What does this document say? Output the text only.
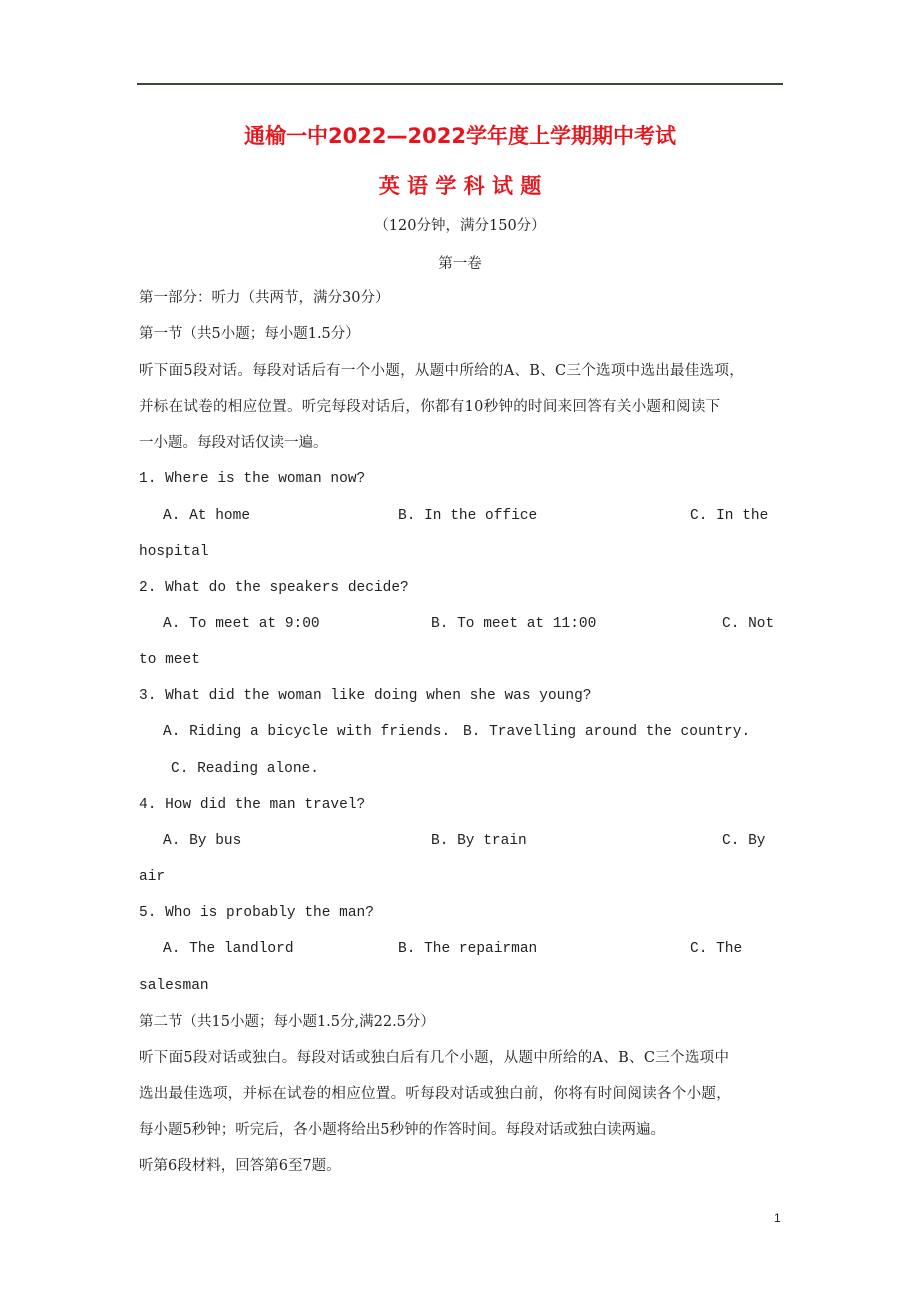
通榆一中2022—2022学年度上学期期中考试
英 语 学 科 试 题
（120分钟，满分150分）
第一卷
第一部分：听力（共两节，满分30分）
第一节（共5小题；每小题1.5分）
听下面5段对话。每段对话后有一个小题，从题中所给的A、B、C三个选项中选出最佳选项，
并标在试卷的相应位置。听完每段对话后，你都有10秒钟的时间来回答有关小题和阅读下
一小题。每段对话仅读一遍。
1. Where is the woman now?
A. At home	B. In the office	C. In the
hospital
2. What do the speakers decide?
A. To meet at 9:00	B. To meet at 11:00	C. Not
to meet
3. What did the woman like doing when she was young?
A. Riding a bicycle with friends. B. Travelling around the country.
C. Reading alone.
4. How did the man travel?
A. By bus	B. By train	C. By
air
5. Who is probably the man?
A. The landlord	B. The repairman	C. The
salesman
第二节（共15小题；每小题1.5分,满22.5分）
听下面5段对话或独白。每段对话或独白后有几个小题，从题中所给的A、B、C三个选项中
选出最佳选项，并标在试卷的相应位置。听每段对话或独白前，你将有时间阅读各个小题，
每小题5秒钟；听完后，各小题将给出5秒钟的作答时间。每段对话或独白读两遍。
听第6段材料，回答第6至7题。
1
